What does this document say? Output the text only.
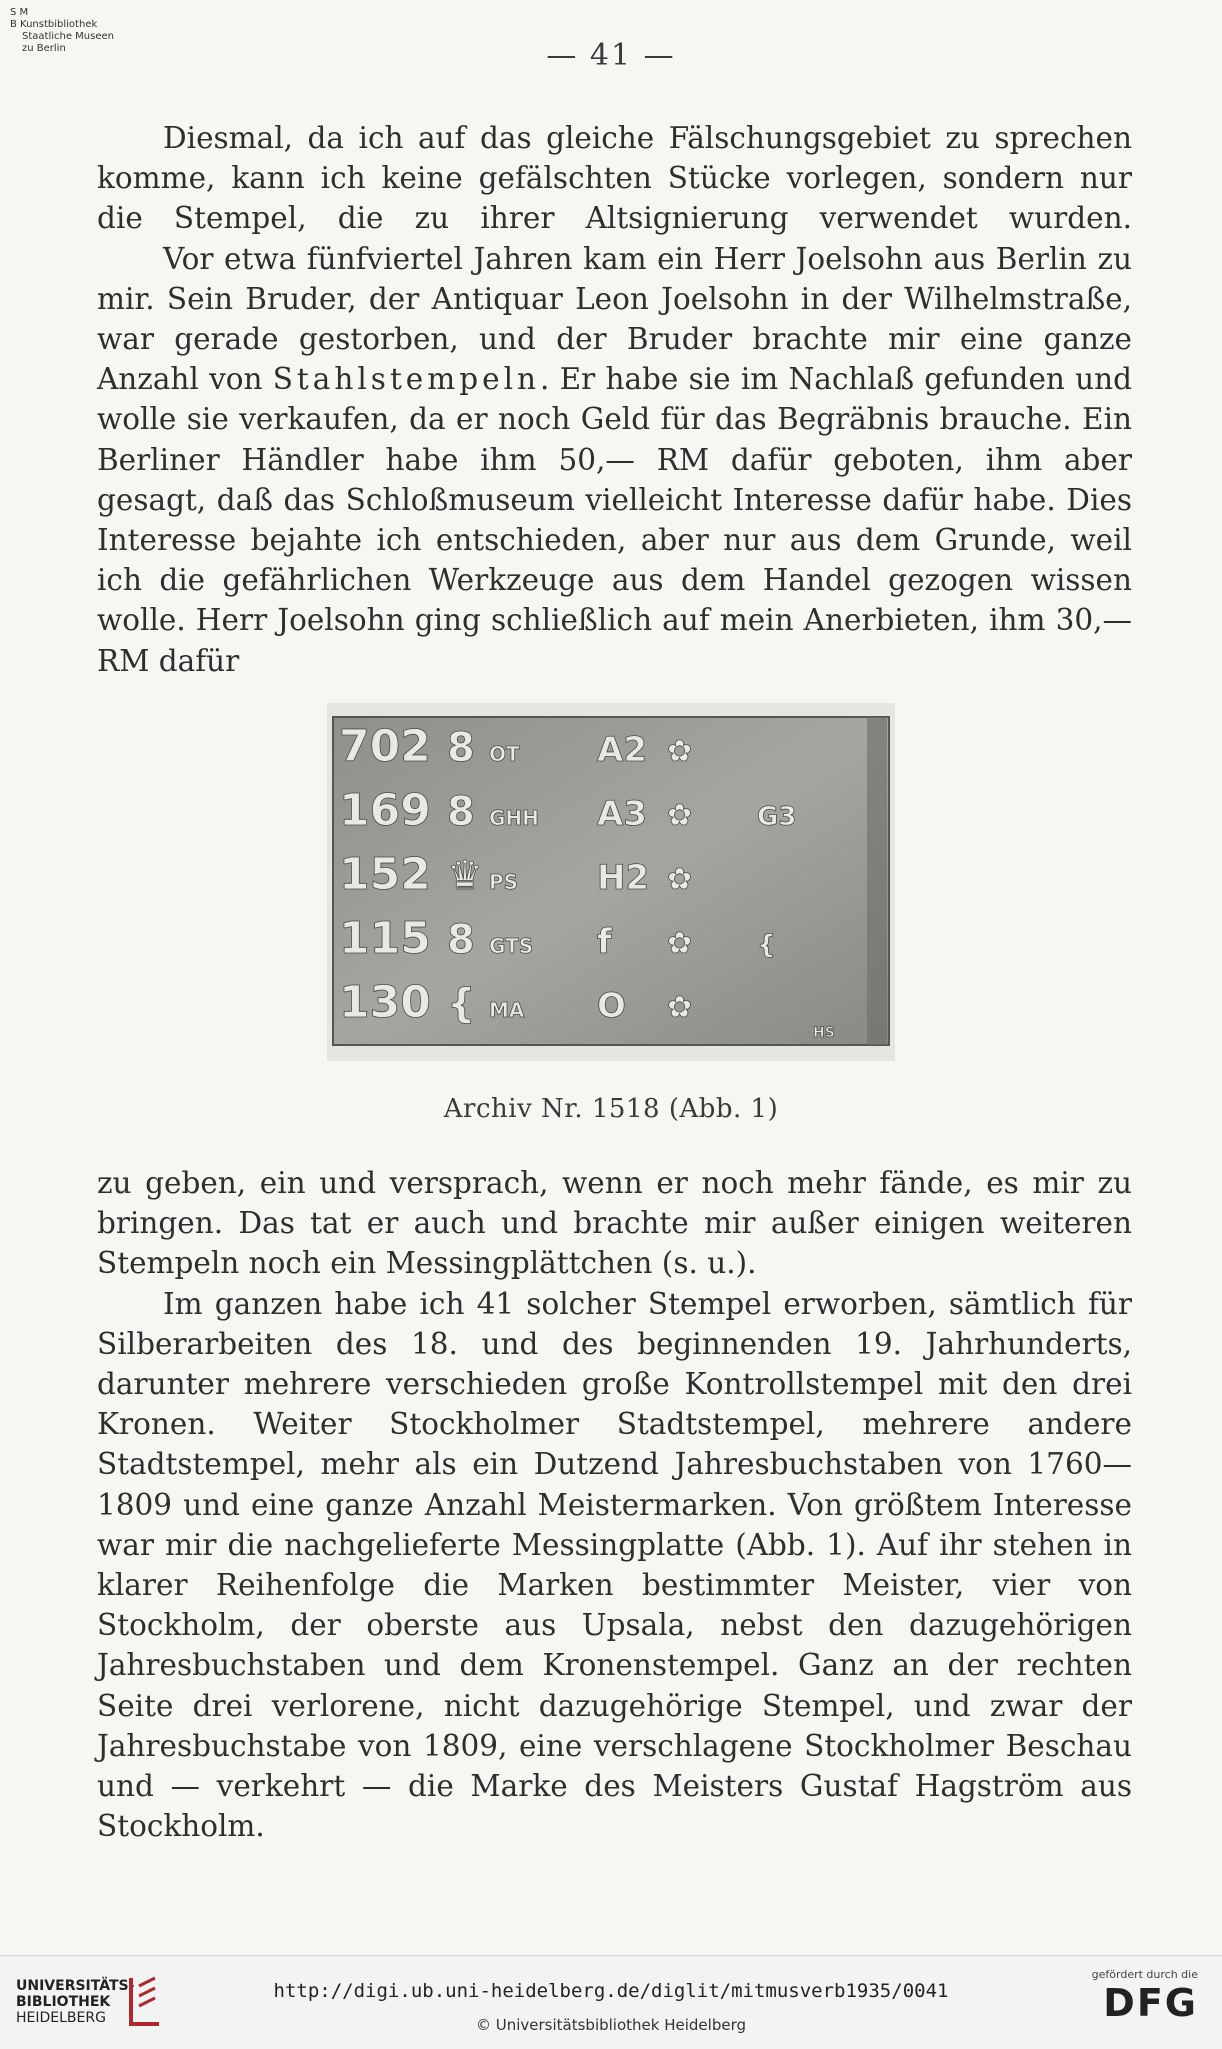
S M
B Kunstbibliothek
Staatliche Museen
zu Berlin	— 41 —

Diesmal, da ich auf das gleiche Fälschungsgebiet zu sprechen komme, kann ich keine gefälschten Stücke vorlegen, sondern nur die Stempel, die zu ihrer Altsignierung verwendet wurden.

Vor etwa fünfviertel Jahren kam ein Herr Joelsohn aus Berlin zu mir. Sein Bruder, der Antiquar Leon Joelsohn in der Wilhelmstraße, war gerade gestorben, und der Bruder brachte mir eine ganze Anzahl von Stahlstempeln. Er habe sie im Nachlaß gefunden und wolle sie verkaufen, da er noch Geld für das Begräbnis brauche. Ein Berliner Händler habe ihm 50,— RM dafür geboten, ihm aber gesagt, daß das Schloßmuseum vielleicht Interesse dafür habe. Dies Interesse bejahte ich entschieden, aber nur aus dem Grunde, weil ich die gefährlichen Werkzeuge aus dem Handel gezogen wissen wolle. Herr Joelsohn ging schließlich auf mein Anerbieten, ihm 30,— RM dafür

702 8 OT A2 ✿
169 8 GHH A3 ✿ G3
152 ♛ PS H2 ✿
115 8 GTS f ✿ {
130 { MA O ✿
HS
Archiv Nr. 1518 (Abb. 1)

zu geben, ein und versprach, wenn er noch mehr fände, es mir zu bringen. Das tat er auch und brachte mir außer einigen weiteren Stempeln noch ein Messingplättchen (s. u.).

Im ganzen habe ich 41 solcher Stempel erworben, sämtlich für Silberarbeiten des 18. und des beginnenden 19. Jahrhunderts, darunter mehrere verschieden große Kontrollstempel mit den drei Kronen. Weiter Stockholmer Stadtstempel, mehrere andere Stadtstempel, mehr als ein Dutzend Jahresbuchstaben von 1760—1809 und eine ganze Anzahl Meistermarken. Von größtem Interesse war mir die nachgelieferte Messingplatte (Abb. 1). Auf ihr stehen in klarer Reihenfolge die Marken bestimmter Meister, vier von Stockholm, der oberste aus Upsala, nebst den dazugehörigen Jahresbuchstaben und dem Kronenstempel. Ganz an der rechten Seite drei verlorene, nicht dazugehörige Stempel, und zwar der Jahresbuchstabe von 1809, eine verschlagene Stockholmer Beschau und — verkehrt — die Marke des Meisters Gustaf Hagström aus Stockholm.

UNIVERSITÄTS-
BIBLIOTHEK
HEIDELBERG
http://digi.ub.uni-heidelberg.de/diglit/mitmusverb1935/0041
© Universitätsbibliothek Heidelberg
gefördert durch die
DFG
